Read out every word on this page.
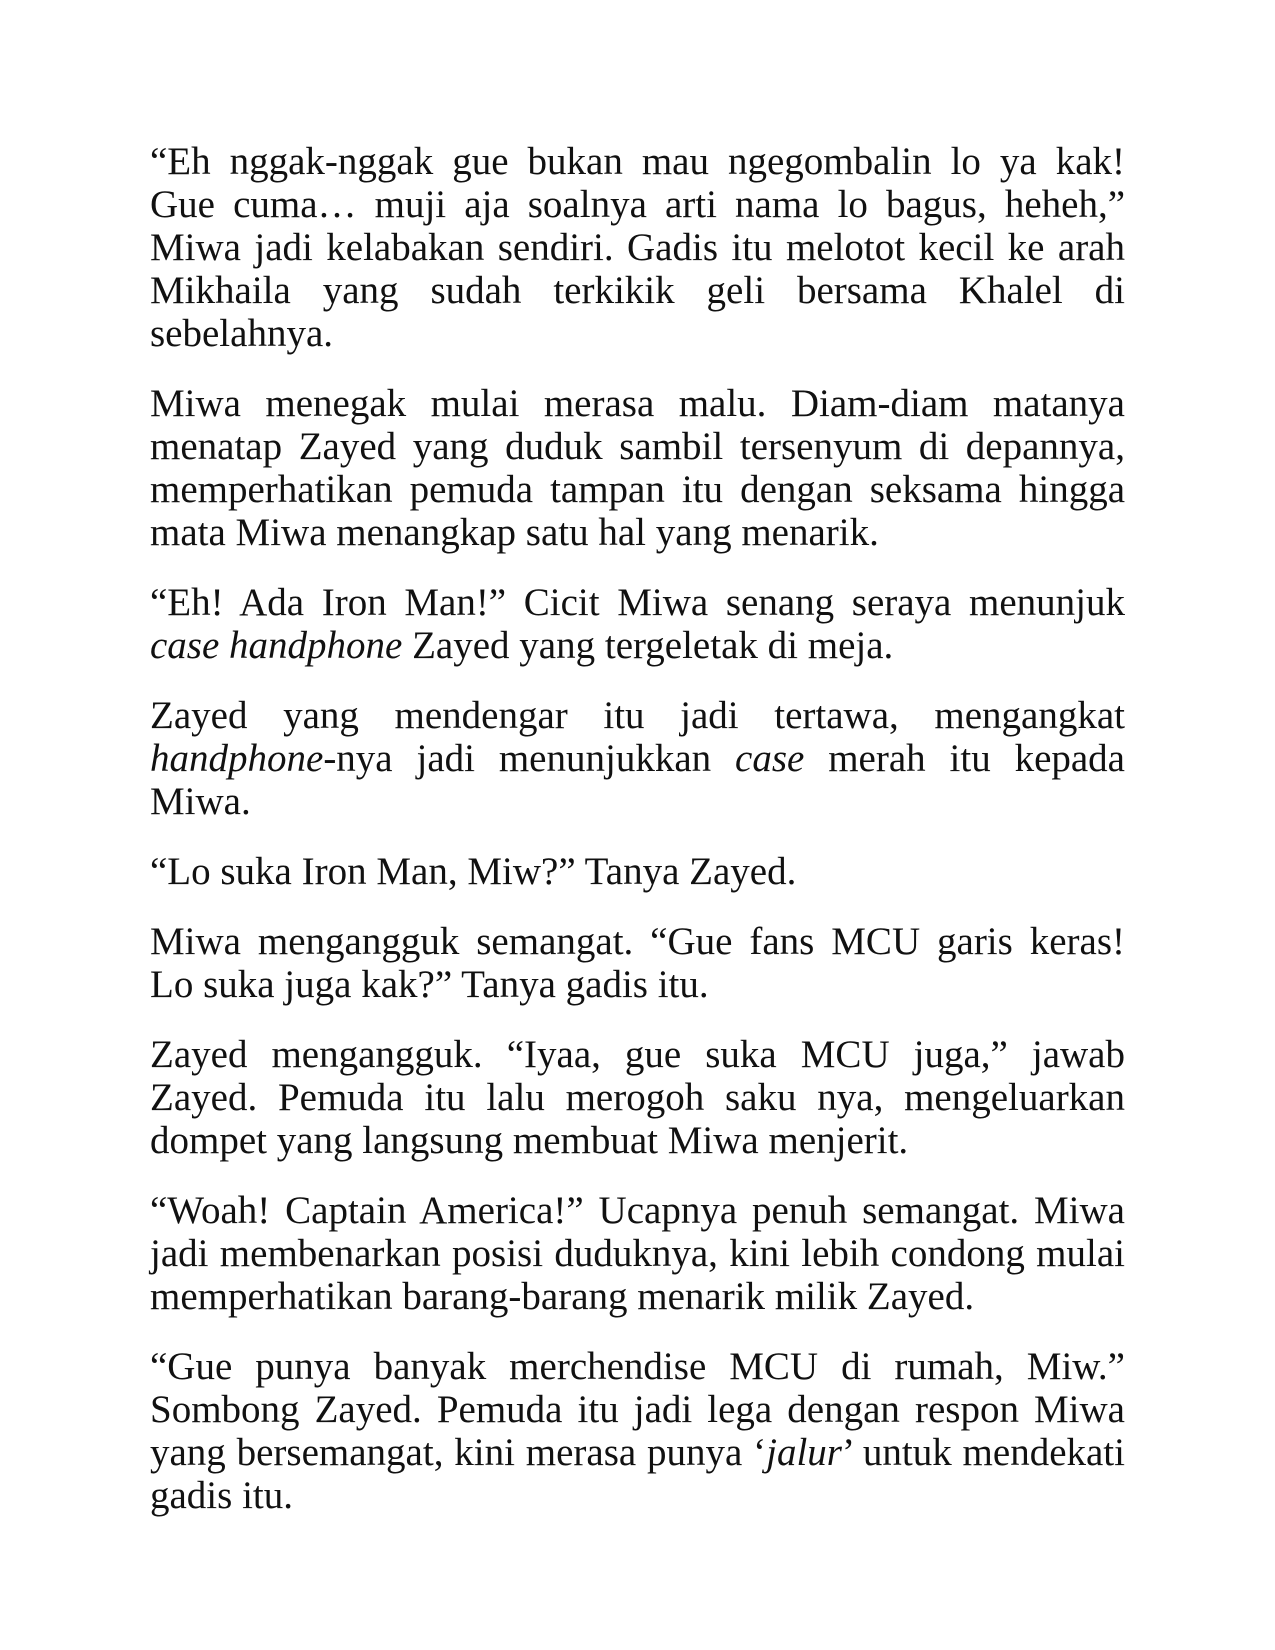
“Eh nggak-nggak gue bukan mau ngegombalin lo ya kak! Gue cuma… muji aja soalnya arti nama lo bagus, heheh,” Miwa jadi kelabakan sendiri. Gadis itu melotot kecil ke arah Mikhaila yang sudah terkikik geli bersama Khalel di sebelahnya.

Miwa menegak mulai merasa malu. Diam-diam matanya menatap Zayed yang duduk sambil tersenyum di depannya, memperhatikan pemuda tampan itu dengan seksama hingga mata Miwa menangkap satu hal yang menarik.

“Eh! Ada Iron Man!” Cicit Miwa senang seraya menunjuk case handphone Zayed yang tergeletak di meja.

Zayed yang mendengar itu jadi tertawa, mengangkat handphone-nya jadi menunjukkan case merah itu kepada Miwa.

“Lo suka Iron Man, Miw?” Tanya Zayed.

Miwa mengangguk semangat. “Gue fans MCU garis keras! Lo suka juga kak?” Tanya gadis itu.

Zayed mengangguk. “Iyaa, gue suka MCU juga,” jawab Zayed. Pemuda itu lalu merogoh saku nya, mengeluarkan dompet yang langsung membuat Miwa menjerit.

“Woah! Captain America!” Ucapnya penuh semangat. Miwa jadi membenarkan posisi duduknya, kini lebih condong mulai memperhatikan barang-barang menarik milik Zayed.

“Gue punya banyak merchendise MCU di rumah, Miw.” Sombong Zayed. Pemuda itu jadi lega dengan respon Miwa yang bersemangat, kini merasa punya ‘jalur’ untuk mendekati gadis itu.
